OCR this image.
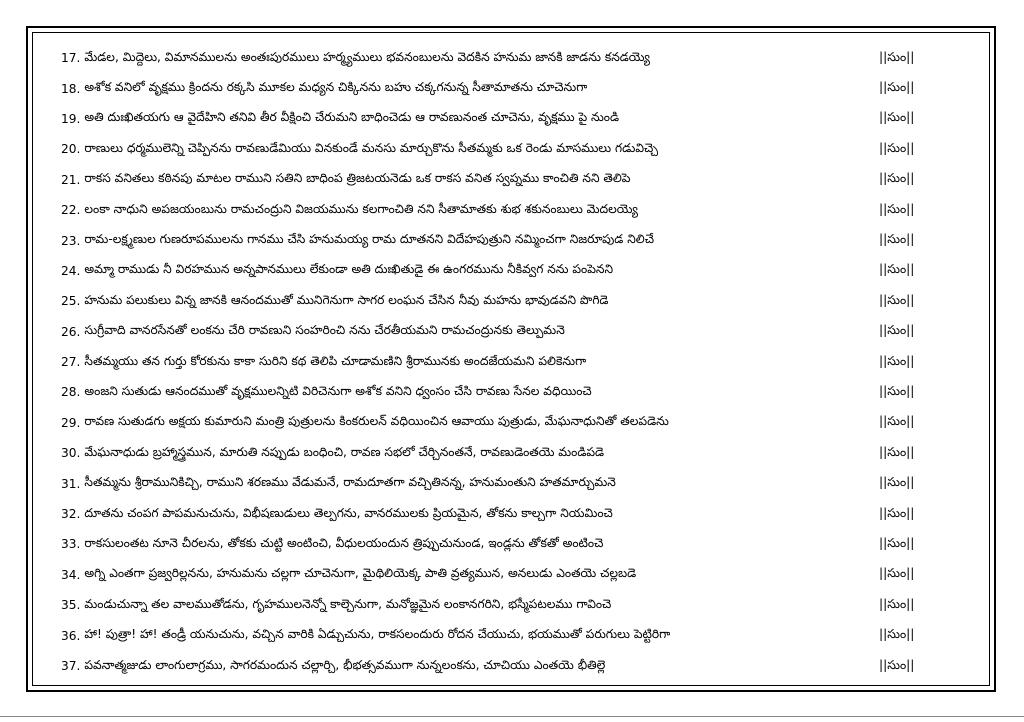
17. మేడల, మిద్దెలు, విమానములను అంతఃపురములు హర్మ్యములు భవనంబులను వెదకిన హనుమ జానకి జాడను కనడయ్యె	||సుం||
18. అశోక వనిలో వృక్షము క్రిందను రక్కసి మూకల మధ్యన చిక్కినను బహు చక్కగనున్న సీతామాతను చూచెనుగా	||సుం||
19. అతి దుఃఖితయగు ఆ వైదేహిని తనివి తీర వీక్షించి చేరుమని బాధించెడు ఆ రావణునంత చూచెను, వృక్షము పై నుండి	||సుం||
20. రాణులు ధర్మములెన్ని చెప్పినను రావణుడేమియు వినకుండే మనసు మార్చుకొను సీతమ్మకు ఒక రెండు మాసములు గడువిచ్చె	||సుం||
21. రాకస వనితలు కఠినపు మాటల రాముని సతిని బాధింప త్రిజటయనెడు ఒక రాకస వనిత స్వప్నము కాంచితి నని తెలిపె	||సుం||
22. లంకా నాధుని అపజయంబును రామచంద్రుని విజయమును కలగాంచితి నని సీతామాతకు శుభ శకునంబులు మెదలయ్యె	||సుం||
23. రామ-లక్ష్మణుల గుణరూపములను గానము చేసి హనుమయ్య రామ దూతనని విదేహపుత్రుని నమ్మించగా నిజరూపుడ నిలిచే	||సుం||
24. అమ్మా రాముడు నీ విరహమున అన్నపానములు లేకుండా అతి దుఃఖితుడై ఈ ఉంగరమును నీకివ్వగ నను పంపెనని	||సుం||
25. హనుమ పలుకులు విన్న జానకి ఆనందముతో మునిగెనుగా సాగర లంఘన చేసిన నీవు మహను భావుడవని పొగిడె	||సుం||
26. సుగ్రీవాది వానరసేనతో లంకను చేరి రావణుని సంహరించి నను చేరతీయమని రామచంద్రునకు తెల్పుమనె	||సుం||
27. సీతమ్మయు తన గుర్తు కోరకును కాకా సురిని కథ తెలిపి చూడామణిని శ్రీరామునకు అందజేయమని పలికెనుగా	||సుం||
28. అంజని సుతుడు ఆనందముతో వృక్షములన్నిటి విరిచెనుగా అశోక వనిని ధ్వంసం చేసి రావణు సేనల వధియించె	||సుం||
29. రావణ సుతుడగు అక్షయ కుమారుని మంత్రి పుత్రులను కింకరులన్ వధియించిన ఆవాయు పుత్రుడు, మేఘనాధునితో తలపడెను	||సుం||
30. మేఘనాధుడు బ్రహ్మాస్త్రమున, మారుతి నప్పుడు బంధించి, రావణ సభలో చేర్చినంతనే, రావణుడెంతయె మండిపడె	||సుం||
31. సీతమ్మను శ్రీరామునికిచ్చి, రాముని శరణము వేడుమనే, రామదూతగా వచ్చితినన్న, హనుమంతుని హతమార్చుమనె	||సుం||
32. దూతను చంపగ పాపమనుచును, విభీషణుడులు తెల్పగను, వానరములకు ప్రియమైన, తోకను కాల్చగా నియమించె	||సుం||
33. రాకసులంతట నూనె చీరలను, తోకకు చుట్టి అంటించి, వీధులయందున త్రిప్పుచునుండ, ఇండ్లను తోకతో అంటించె	||సుం||
34. అగ్ని ఎంతగా ప్రజ్వరిల్లనను, హనుమను చల్లగా చూచెనుగా, మైథిలియెక్క పాతి వ్రత్యమున, అనలుడు ఎంతయె చల్లబడె	||సుం||
35. మండుచున్నా తల వాలముతోడను, గృహములనెన్నో కాల్చెనుగా, మనోజ్ఞమైన లంకానగరిని, భస్మీపటలము గావించె	||సుం||
36. హా! పుత్రా! హా! తండ్రీ యనుచును, వచ్చిన వారికి ఏడ్చుచును, రాకసలందురు రోదన చేయుచు, భయముతో పరుగులు పెట్టిరిగా	||సుం||
37. పవనాత్మజుడు లాంగులాగ్రము, సాగరమందున చల్లార్చి, భీభత్సవముగా నున్నలంకను, చూచియు ఎంతయె భీతిల్లె	||సుం||
